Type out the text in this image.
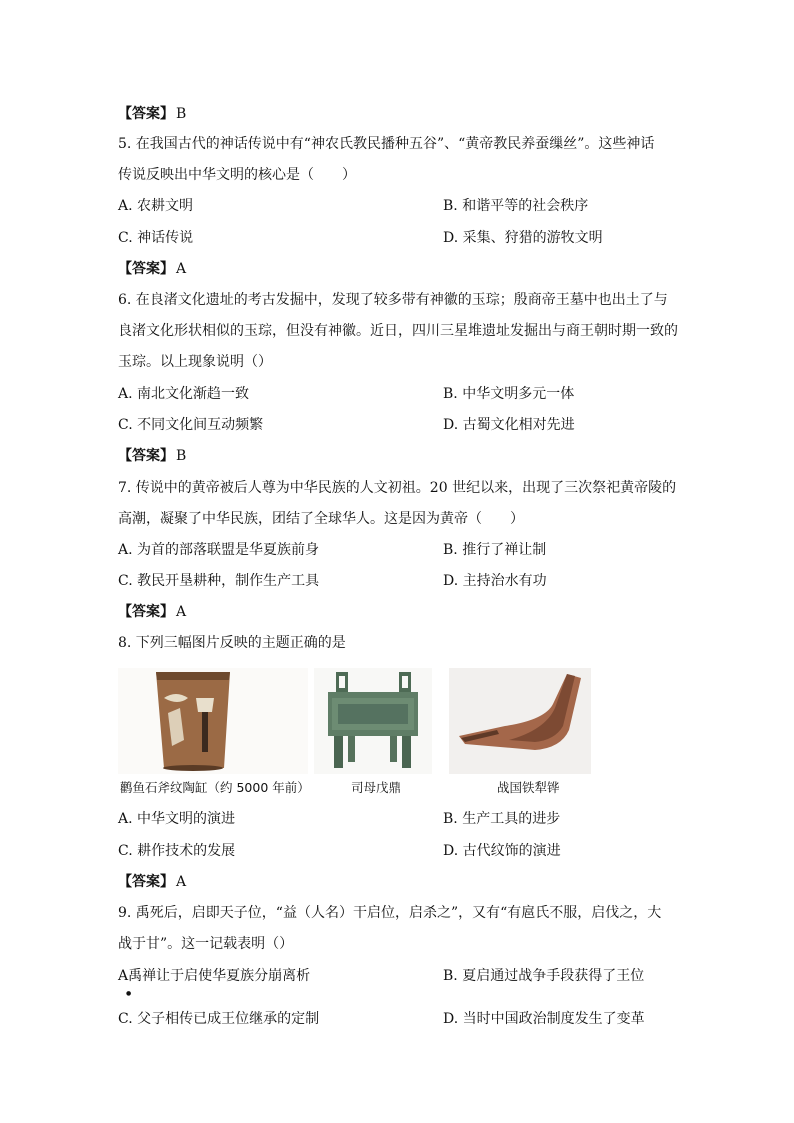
【答案】 B
5. 在我国古代的神话传说中有“神农氏教民播种五谷”、“黄帝教民养蚕缫丝”。这些神话
传说反映出中华文明的核心是（　　）
A. 农耕文明	B. 和谐平等的社会秩序
C. 神话传说	D. 采集、狩猎的游牧文明
【答案】 A
6. 在良渚文化遗址的考古发掘中，发现了较多带有神徽的玉琮；殷商帝王墓中也出土了与
良渚文化形状相似的玉琮，但没有神徽。近日，四川三星堆遗址发掘出与商王朝时期一致的
玉琮。以上现象说明（）
A. 南北文化渐趋一致	B. 中华文明多元一体
C. 不同文化间互动频繁	D. 古蜀文化相对先进
【答案】 B
7. 传说中的黄帝被后人尊为中华民族的人文初祖。20 世纪以来，出现了三次祭祀黄帝陵的
高潮，凝聚了中华民族，团结了全球华人。这是因为黄帝（　　）
A. 为首的部落联盟是华夏族前身	B. 推行了禅让制
C. 教民开垦耕种，制作生产工具	D. 主持治水有功
【答案】 A
8. 下列三幅图片反映的主题正确的是
鹳鱼石斧纹陶缸（约 5000 年前）	司母戊鼎	战国铁犁铧
A. 中华文明的演进	B. 生产工具的进步
C. 耕作技术的发展	D. 古代纹饰的演进
【答案】 A
9. 禹死后，启即天子位，“益（人名）干启位，启杀之”，又有“有扈氏不服，启伐之，大
战于甘”。这一记载表明（）
A禹禅让于启使华夏族分崩离析	B. 夏启通过战争手段获得了王位
●
C. 父子相传已成王位继承的定制	D. 当时中国政治制度发生了变革
